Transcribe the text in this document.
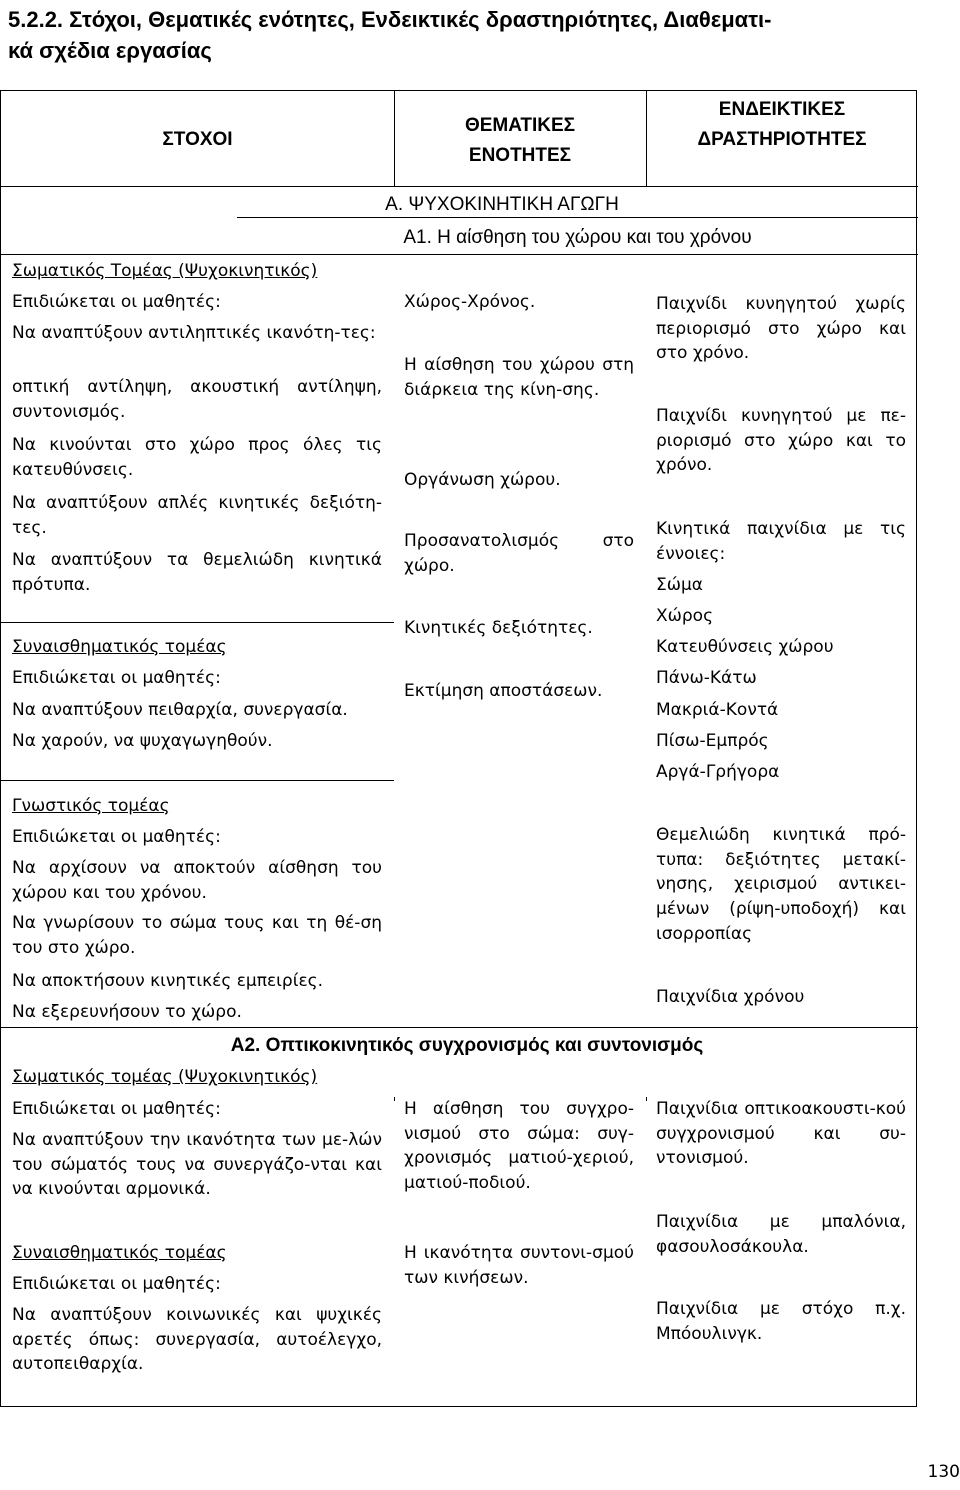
5.2.2. Στόχοι, Θεματικές ενότητες, Ενδεικτικές δραστηριότητες, Διαθεματι-
κά σχέδια εργασίας
ΣΤΟΧΟΙ
ΘΕΜΑΤΙΚΕΣ
ΕΝΟΤΗΤΕΣ
ΕΝΔΕΙΚΤΙΚΕΣ
ΔΡΑΣΤΗΡΙΟΤΗΤΕΣ
Α. ΨΥΧΟΚΙΝΗΤΙΚΗ ΑΓΩΓΗ
Α1. Η αίσθηση του χώρου και του χρόνου
Α2. Οπτικοκινητικός συγχρονισμός και συντονισμός

Σωματικός Τομέας (Ψυχοκινητικός)

Επιδιώκεται οι μαθητές:

Να αναπτύξουν αντιληπτικές ικανότη-τες:

οπτική αντίληψη, ακουστική αντίληψη, συντονισμός.

Να κινούνται στο χώρο προς όλες τις κατευθύνσεις.

Να αναπτύξουν απλές κινητικές δεξιότη-τες.

Να αναπτύξουν τα θεμελιώδη κινητικά πρότυπα.

Συναισθηματικός τομέας

Επιδιώκεται οι μαθητές:

Να αναπτύξουν πειθαρχία, συνεργασία.

Να χαρούν, να ψυχαγωγηθούν.

Γνωστικός τομέας

Επιδιώκεται οι μαθητές:

Να αρχίσουν να αποκτούν αίσθηση του χώρου και του χρόνου.

Να γνωρίσουν το σώμα τους και τη θέ-ση του στο χώρο.

Να αποκτήσουν κινητικές εμπειρίες.

Να εξερευνήσουν το χώρο.

Χώρος-Χρόνος.

Η αίσθηση του χώρου στη διάρκεια της κίνη-σης.

Οργάνωση χώρου.

Προσανατολισμός στο χώρο.

Κινητικές δεξιότητες.

Εκτίμηση αποστάσεων.

Παιχνίδι κυνηγητού χωρίς περιορισμό στο χώρο και στο χρόνο.

Παιχνίδι κυνηγητού με πε-ριορισμό στο χώρο και το χρόνο.

Κινητικά παιχνίδια με τις έννοιες:

Σώμα

Χώρος

Κατευθύνσεις χώρου

Πάνω-Κάτω

Μακριά-Κοντά

Πίσω-Εμπρός

Αργά-Γρήγορα

Θεμελιώδη κινητικά πρό-τυπα: δεξιότητες μετακί-νησης, χειρισμού αντικει-μένων (ρίψη-υποδοχή) και ισορροπίας

Παιχνίδια χρόνου

Σωματικός τομέας (Ψυχοκινητικός)

Επιδιώκεται οι μαθητές:

Να αναπτύξουν την ικανότητα των με-λών του σώματός τους να συνεργάζο-νται και να κινούνται αρμονικά.

Συναισθηματικός τομέας

Επιδιώκεται οι μαθητές:

Να αναπτύξουν κοινωνικές και ψυχικές αρετές όπως: συνεργασία, αυτοέλεγχο, αυτοπειθαρχία.

Η αίσθηση του συγχρο-νισμού στο σώμα: συγ-χρονισμός ματιού-χεριού, ματιού-ποδιού.

Η ικανότητα συντονι-σμού των κινήσεων.

Παιχνίδια οπτικοακουστι-κού συγχρονισμού και συ-ντονισμού.

Παιχνίδια με μπαλόνια, φασουλοσάκουλα.

Παιχνίδια με στόχο π.χ. Μπόουλινγκ.

130
